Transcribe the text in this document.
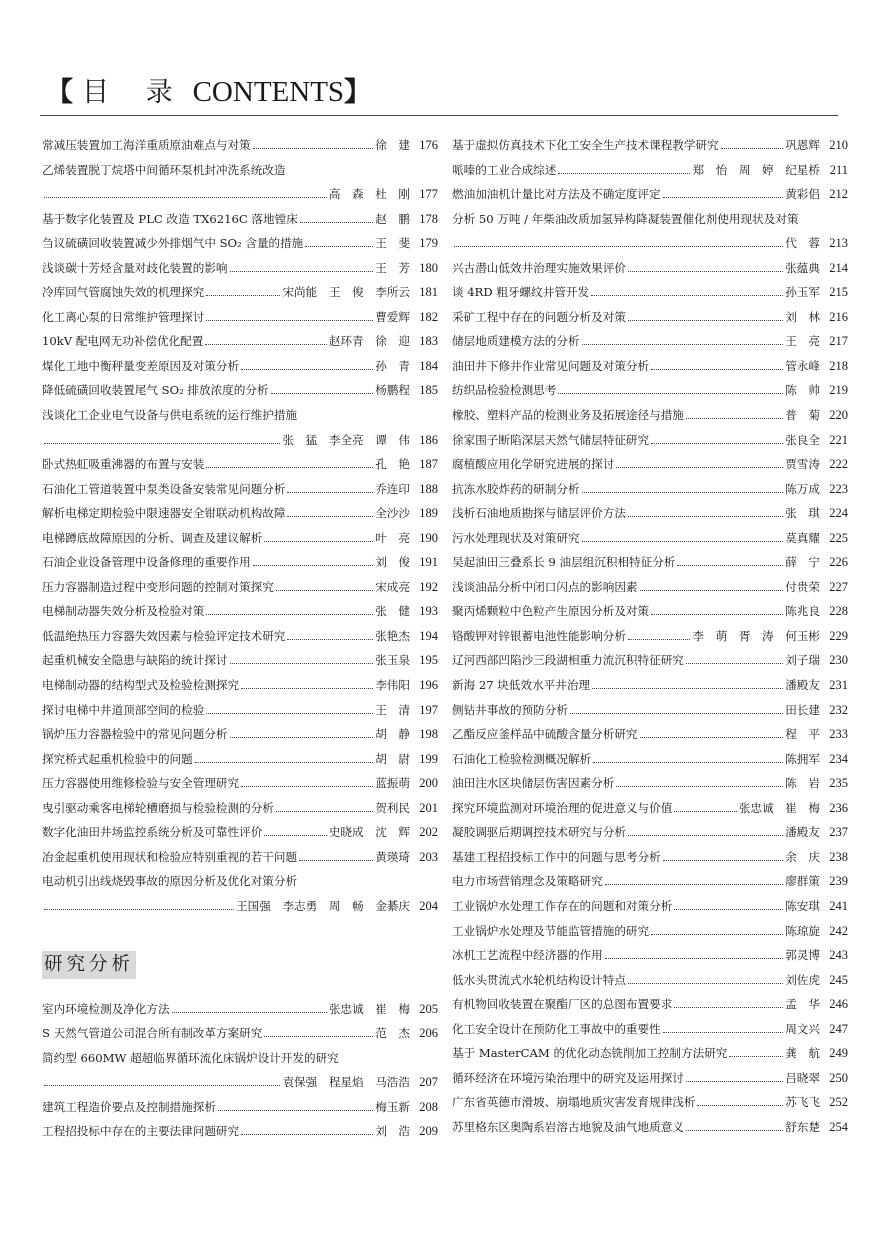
【 目 录 CONTENTS】
常减压装置加工海洋重质原油难点与对策	徐　建 176
乙烯装置脱丁烷塔中间循环泵机封冲洗系统改造
高　森　杜　刚 177
基于数字化装置及 PLC 改造 TX6216C 落地镗床	赵　鹏 178
刍议硫磺回收装置减少外排烟气中 SO₂ 含量的措施	王　斐 179
浅谈碳十芳烃含量对歧化装置的影响	王　芳 180
冷库回气管腐蚀失效的机理探究	宋尚能　王　俊　李所云 181
化工离心泵的日常维护管理探讨	曹爱辉 182
10kV 配电网无功补偿优化配置	赵环青　徐　迎 183
煤化工地中衡秤量变差原因及对策分析	孙　青 184
降低硫磺回收装置尾气 SO₂ 排放浓度的分析	杨鹏程 185
浅谈化工企业电气设备与供电系统的运行维护措施
张　猛　李全亮　谭　伟 186
卧式热虹吸重沸器的布置与安装	孔　艳 187
石油化工管道装置中泵类设备安装常见问题分析	乔连印 188
解析电梯定期检验中限速器安全钳联动机构故障	全沙沙 189
电梯蹲底故障原因的分析、调查及建议解析	叶　亮 190
石油企业设备管理中设备修理的重要作用	刘　俊 191
压力容器制造过程中变形问题的控制对策探究	宋成亮 192
电梯制动器失效分析及检验对策	张　健 193
低温绝热压力容器失效因素与检验评定技术研究	张艳杰 194
起重机械安全隐患与缺陷的统计探讨	张玉泉 195
电梯制动器的结构型式及检验检测探究	李伟阳 196
探讨电梯中井道顶部空间的检验	王　清 197
锅炉压力容器检验中的常见问题分析	胡　静 198
探究桥式起重机检验中的问题	胡　尉 199
压力容器使用维修检验与安全管理研究	蓝振萌 200
曳引驱动乘客电梯轮槽磨损与检验检测的分析	贺利民 201
数字化油田井场监控系统分析及可靠性评价	史晓成　沈　辉 202
冶金起重机使用现状和检验应特别重视的若干问题	黄瑛琦 203
电动机引出线烧毁事故的原因分析及优化对策分析
王国强　李志勇　周　畅　金綦庆 204
研究分析
室内环境检测及净化方法	张忠诚　崔　梅 205
S 天然气管道公司混合所有制改革方案研究	范　杰 206
简约型 660MW 超超临界循环流化床锅炉设计开发的研究
袁保强　程星焰　马浩浩 207
建筑工程造价要点及控制措施探析	梅玉新 208
工程招投标中存在的主要法律问题研究	刘　浩 209
基于虚拟仿真技术下化工安全生产技术课程教学研究	巩恩辉 210
哌嗪的工业合成综述	郑　怡　周　婷　纪星桥 211
燃油加油机计量比对方法及不确定度评定	黄彩侣 212
分析 50 万吨 / 年柴油改质加氢异构降凝装置催化剂使用现状及对策
代　蓉 213
兴古潜山低效井治理实施效果评价	张蕴典 214
谈 4RD 粗牙螺纹井管开发	孙玉军 215
采矿工程中存在的问题分析及对策	刘　林 216
储层地质建模方法的分析	王　亮 217
油田井下修井作业常见问题及对策分析	管永峰 218
纺织品检验检测思考	陈　帅 219
橡胶、塑料产品的检测业务及拓展途径与措施	普　菊 220
徐家围子断陷深层天然气储层特征研究	张良全 221
腐植酸应用化学研究进展的探讨	贾雪涛 222
抗冻水胶炸药的研制分析	陈万成 223
浅析石油地质勘探与储层评价方法	张　琪 224
污水处理现状及对策研究	莫真耀 225
吴起油田三叠系长 9 油层组沉积相特征分析	薛　宁 226
浅谈油品分析中闭口闪点的影响因素	付贵荣 227
聚丙烯颗粒中色粒产生原因分析及对策	陈兆良 228
铬酸钾对锌银蓄电池性能影响分析	李　萌　胥　涛　何玉彬 229
辽河西部凹陷沙三段湖相重力流沉积特征研究	刘子瑞 230
新海 27 块低效水平井治理	潘殿友 231
侧钻井事故的预防分析	田长建 232
乙酯反应釜样品中硫酸含量分析研究	程　平 233
石油化工检验检测概况解析	陈拥军 234
油田注水区块储层伤害因素分析	陈　岩 235
探究环境监测对环境治理的促进意义与价值	张忠诚　崔　梅 236
凝胶调驱后期调控技术研究与分析	潘殿友 237
基建工程招投标工作中的问题与思考分析	余　庆 238
电力市场营销理念及策略研究	廖群策 239
工业锅炉水处理工作存在的问题和对策分析	陈安琪 241
工业锅炉水处理及节能监管措施的研究	陈琼旋 242
冰机工艺流程中经济器的作用	郭灵博 243
低水头贯流式水轮机结构设计特点	刘佐虎 245
有机物回收装置在聚酯厂区的总图布置要求	孟　华 246
化工安全设计在预防化工事故中的重要性	周文兴 247
基于 MasterCAM 的优化动态铣削加工控制方法研究	龚　航 249
循环经济在环境污染治理中的研究及运用探讨	吕晓翠 250
广东省英德市滑坡、崩塌地质灾害发育规律浅析	苏飞飞 252
苏里格东区奥陶系岩溶古地貌及油气地质意义	舒东楚 254
